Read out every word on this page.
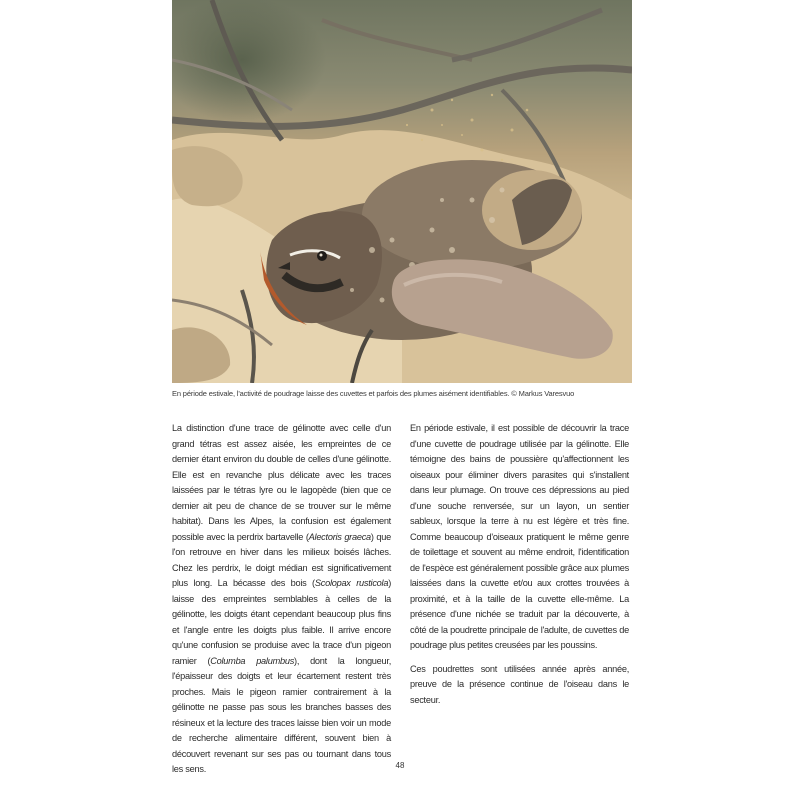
En période estivale, l'activité de poudrage laisse des cuvettes et parfois des plumes aisément identifiables. © Markus Varesvuo

La distinction d'une trace de gélinotte avec celle d'un grand tétras est assez aisée, les empreintes de ce dernier étant environ du double de celles d'une gélinotte. Elle est en revanche plus délicate avec les traces laissées par le tétras lyre ou le lagopède (bien que ce dernier ait peu de chance de se trouver sur le même habitat). Dans les Alpes, la confusion est également possible avec la perdrix bartavelle (Alectoris graeca) que l'on retrouve en hiver dans les milieux boisés lâches. Chez les perdrix, le doigt médian est significativement plus long. La bécasse des bois (Scolopax rusticola) laisse des empreintes semblables à celles de la gélinotte, les doigts étant cependant beaucoup plus fins et l'angle entre les doigts plus faible. Il arrive encore qu'une confusion se produise avec la trace d'un pigeon ramier (Columba palumbus), dont la longueur, l'épaisseur des doigts et leur écartement restent très proches. Mais le pigeon ramier contrairement à la gélinotte ne passe pas sous les branches basses des résineux et la lecture des traces laisse bien voir un mode de recherche alimentaire différent, souvent bien à découvert revenant sur ses pas ou tournant dans tous les sens.

En période estivale, il est possible de découvrir la trace d'une cuvette de poudrage utilisée par la gélinotte. Elle témoigne des bains de poussière qu'affectionnent les oiseaux pour éliminer divers parasites qui s'installent dans leur plumage. On trouve ces dépressions au pied d'une souche renversée, sur un layon, un sentier sableux, lorsque la terre à nu est légère et très fine. Comme beaucoup d'oiseaux pratiquent le même genre de toilettage et souvent au même endroit, l'identification de l'espèce est généralement possible grâce aux plumes laissées dans la cuvette et/ou aux crottes trouvées à proximité, et à la taille de la cuvette elle-même. La présence d'une nichée se traduit par la découverte, à côté de la poudrette principale de l'adulte, de cuvettes de poudrage plus petites creusées par les poussins.

Ces poudrettes sont utilisées année après année, preuve de la présence continue de l'oiseau dans le secteur.

48
